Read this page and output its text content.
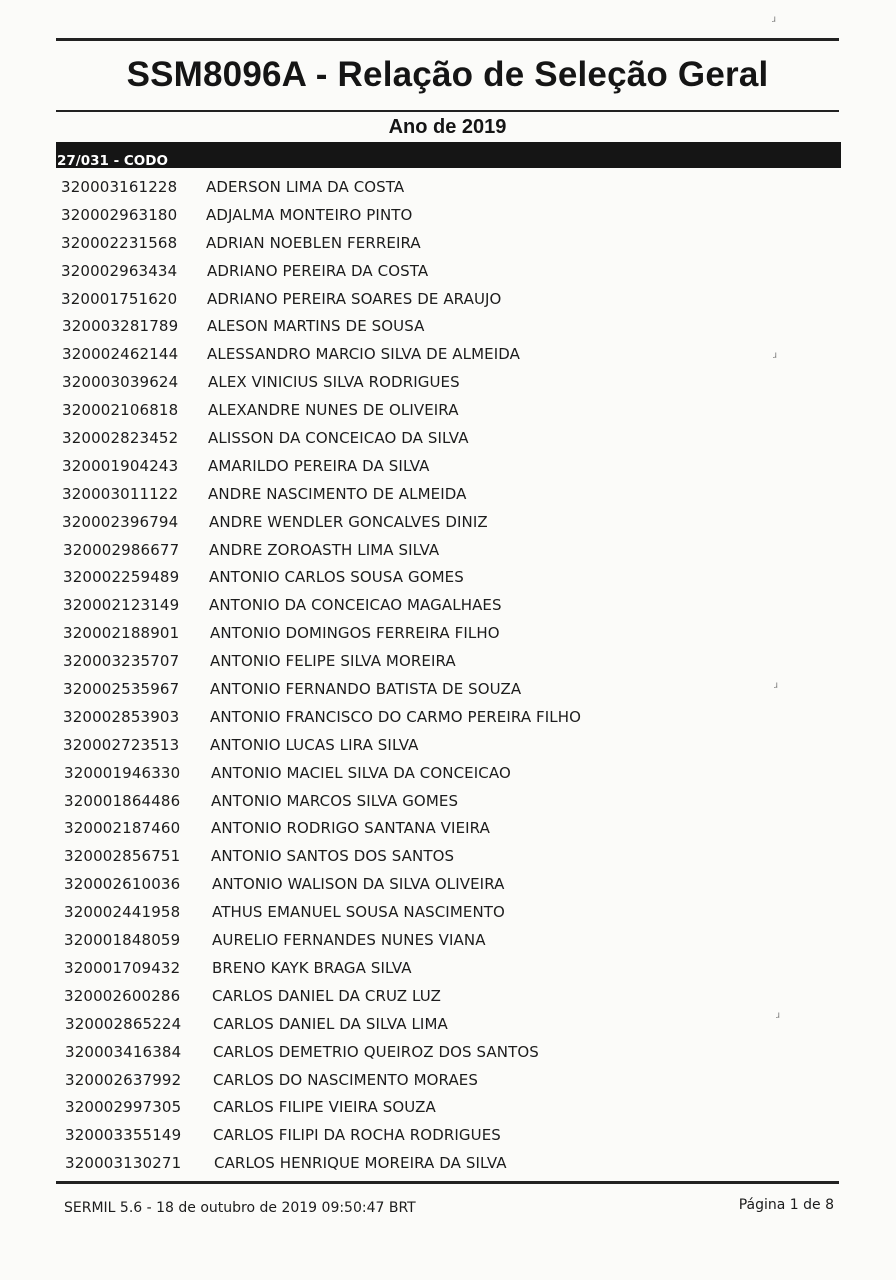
SSM8096A - Relação de Seleção Geral
Ano de 2019
27/031 - CODO
320003161228 ADERSON LIMA DA COSTA
320002963180 ADJALMA MONTEIRO PINTO
320002231568 ADRIAN NOEBLEN FERREIRA
320002963434 ADRIANO PEREIRA DA COSTA
320001751620 ADRIANO PEREIRA SOARES DE ARAUJO
320003281789 ALESON MARTINS DE SOUSA
320002462144 ALESSANDRO MARCIO SILVA DE ALMEIDA
320003039624 ALEX VINICIUS SILVA RODRIGUES
320002106818 ALEXANDRE NUNES DE OLIVEIRA
320002823452 ALISSON DA CONCEICAO DA SILVA
320001904243 AMARILDO PEREIRA DA SILVA
320003011122 ANDRE NASCIMENTO DE ALMEIDA
320002396794 ANDRE WENDLER GONCALVES DINIZ
320002986677 ANDRE ZOROASTH LIMA SILVA
320002259489 ANTONIO CARLOS SOUSA GOMES
320002123149 ANTONIO DA CONCEICAO MAGALHAES
320002188901 ANTONIO DOMINGOS FERREIRA FILHO
320003235707 ANTONIO FELIPE SILVA MOREIRA
320002535967 ANTONIO FERNANDO BATISTA DE SOUZA
320002853903 ANTONIO FRANCISCO DO CARMO PEREIRA FILHO
320002723513 ANTONIO LUCAS LIRA SILVA
320001946330 ANTONIO MACIEL SILVA DA CONCEICAO
320001864486 ANTONIO MARCOS SILVA GOMES
320002187460 ANTONIO RODRIGO SANTANA VIEIRA
320002856751 ANTONIO SANTOS DOS SANTOS
320002610036 ANTONIO WALISON DA SILVA OLIVEIRA
320002441958 ATHUS EMANUEL SOUSA NASCIMENTO
320001848059 AURELIO FERNANDES NUNES VIANA
320001709432 BRENO KAYK BRAGA SILVA
320002600286 CARLOS DANIEL DA CRUZ LUZ
320002865224 CARLOS DANIEL DA SILVA LIMA
320003416384 CARLOS DEMETRIO QUEIROZ DOS SANTOS
320002637992 CARLOS DO NASCIMENTO MORAES
320002997305 CARLOS FILIPE VIEIRA SOUZA
320003355149 CARLOS FILIPI DA ROCHA RODRIGUES
320003130271 CARLOS HENRIQUE MOREIRA DA SILVA
SERMIL 5.6 - 18 de outubro de 2019 09:50:47 BRT	Página 1 de 8
ɹ
ɹ
ɹ
ɹ
